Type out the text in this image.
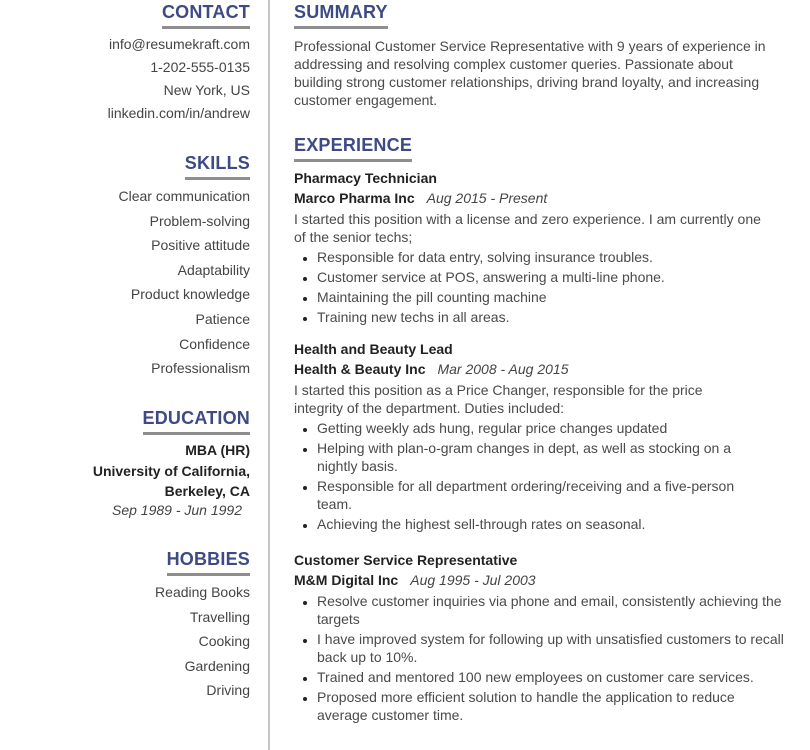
CONTACT
info@resumekraft.com
1-202-555-0135
New York, US
linkedin.com/in/andrew
SKILLS
Clear communication
Problem-solving
Positive attitude
Adaptability
Product knowledge
Patience
Confidence
Professionalism
EDUCATION
MBA (HR)
University of California,
Berkeley, CA
Sep 1989 - Jun 1992
HOBBIES
Reading Books
Travelling
Cooking
Gardening
Driving
SUMMARY
Professional Customer Service Representative with 9 years of experience in addressing and resolving complex customer queries. Passionate about building strong customer relationships, driving brand loyalty, and increasing customer engagement.
EXPERIENCE
Pharmacy Technician
Marco Pharma Inc Aug 2015 - Present
I started this position with a license and zero experience. I am currently one of the senior techs;
• Responsible for data entry, solving insurance troubles.
• Customer service at POS, answering a multi-line phone.
• Maintaining the pill counting machine
• Training new techs in all areas.
Health and Beauty Lead
Health & Beauty Inc Mar 2008 - Aug 2015
I started this position as a Price Changer, responsible for the price integrity of the department. Duties included:
• Getting weekly ads hung, regular price changes updated
• Helping with plan-o-gram changes in dept, as well as stocking on a nightly basis.
• Responsible for all department ordering/receiving and a five-person team.
• Achieving the highest sell-through rates on seasonal.
Customer Service Representative
M&M Digital Inc Aug 1995 - Jul 2003
• Resolve customer inquiries via phone and email, consistently achieving the targets
• I have improved system for following up with unsatisfied customers to recall back up to 10%.
• Trained and mentored 100 new employees on customer care services.
• Proposed more efficient solution to handle the application to reduce average customer time.
